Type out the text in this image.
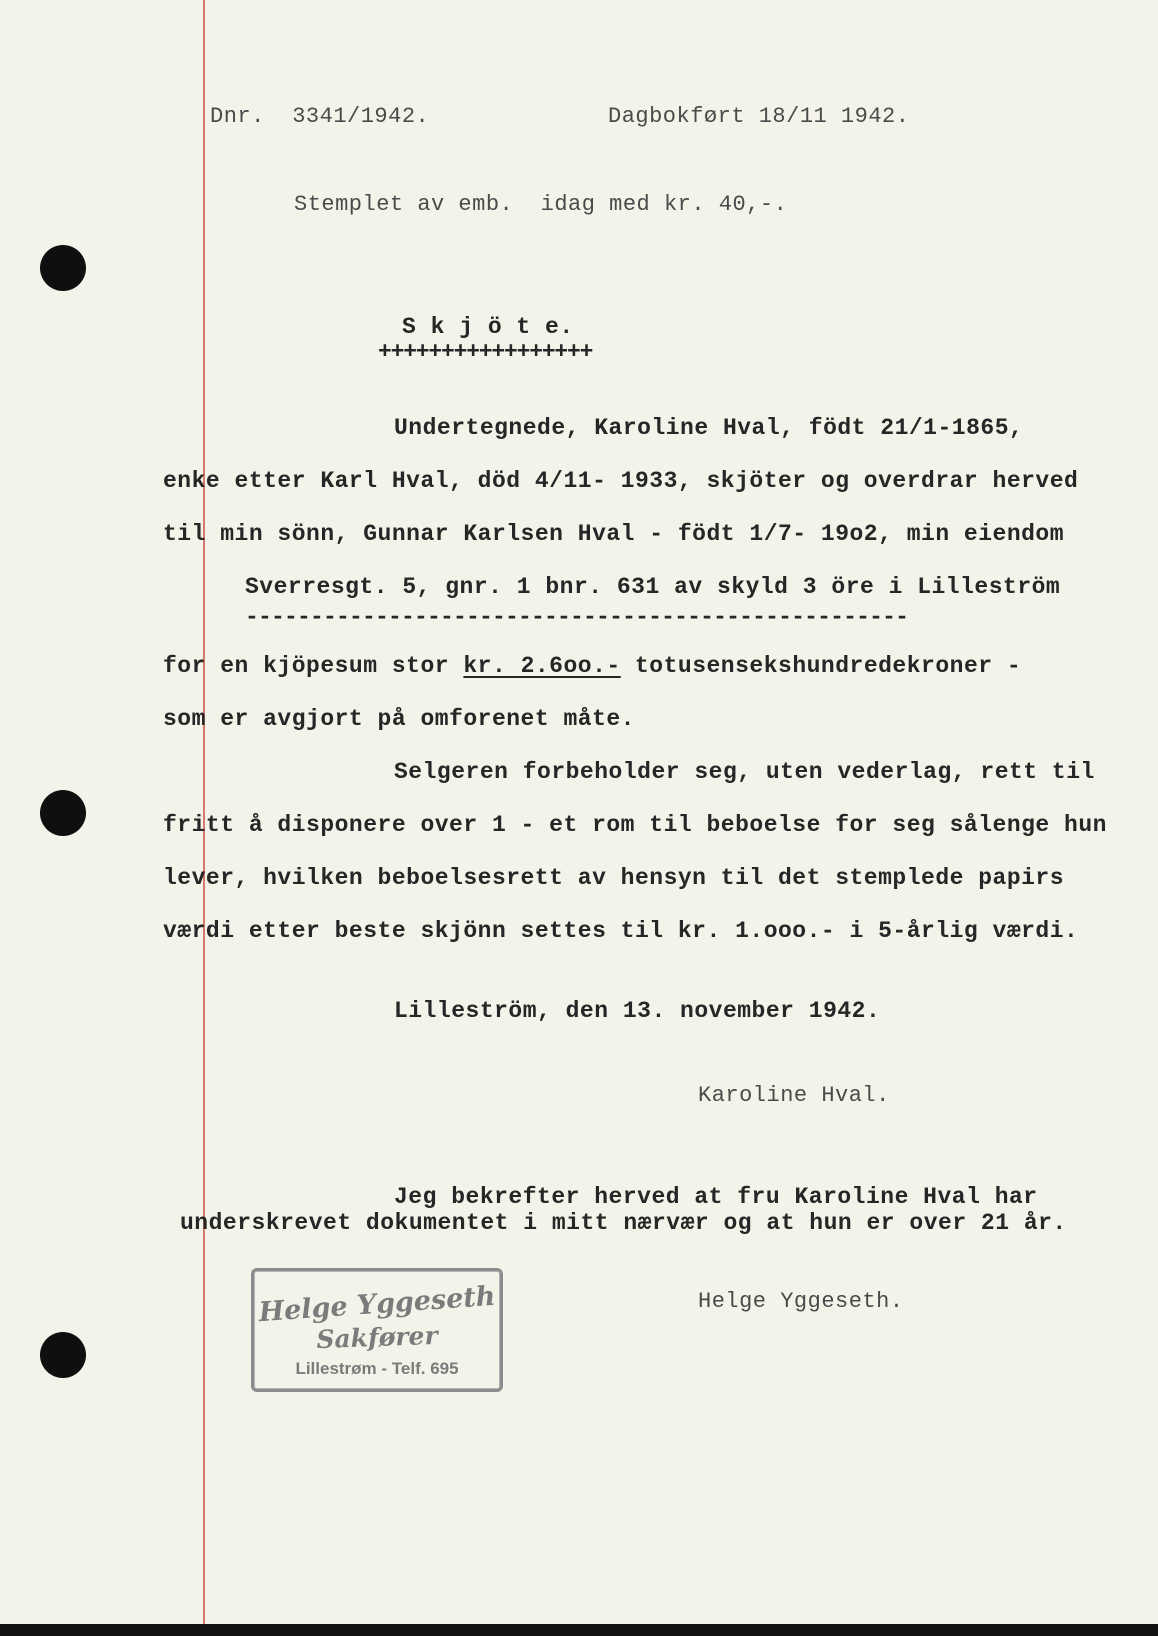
Dnr.  3341/1942.	Dagbokført 18/11 1942.
Stemplet av emb.  idag med kr. 40,-.
S k j ö t e.
+++++++++++++++++
Undertegnede, Karoline Hval, födt 21/1-1865,
enke etter Karl Hval, död 4/11- 1933, skjöter og overdrar herved
til min sönn, Gunnar Karlsen Hval - födt 1/7- 19o2, min eiendom
Sverresgt. 5, gnr. 1 bnr. 631 av skyld 3 öre i Lilleström
---------------------------------------------------
for en kjöpesum stor kr. 2.6oo.- totusensekshundredekroner -
som er avgjort på omforenet måte.
Selgeren forbeholder seg, uten vederlag, rett til
fritt å disponere over 1 - et rom til beboelse for seg sålenge hun
lever, hvilken beboelsesrett av hensyn til det stemplede papirs
værdi etter beste skjönn settes til kr. 1.ooo.- i 5-årlig værdi.
Lilleström, den 13. november 1942.
Karoline Hval.
Jeg bekrefter herved at fru Karoline Hval har
underskrevet dokumentet i mitt nærvær og at hun er over 21 år.
Helge Yggeseth.
Helge Yggeseth
Sakfører
Lillestrøm - Telf. 695
